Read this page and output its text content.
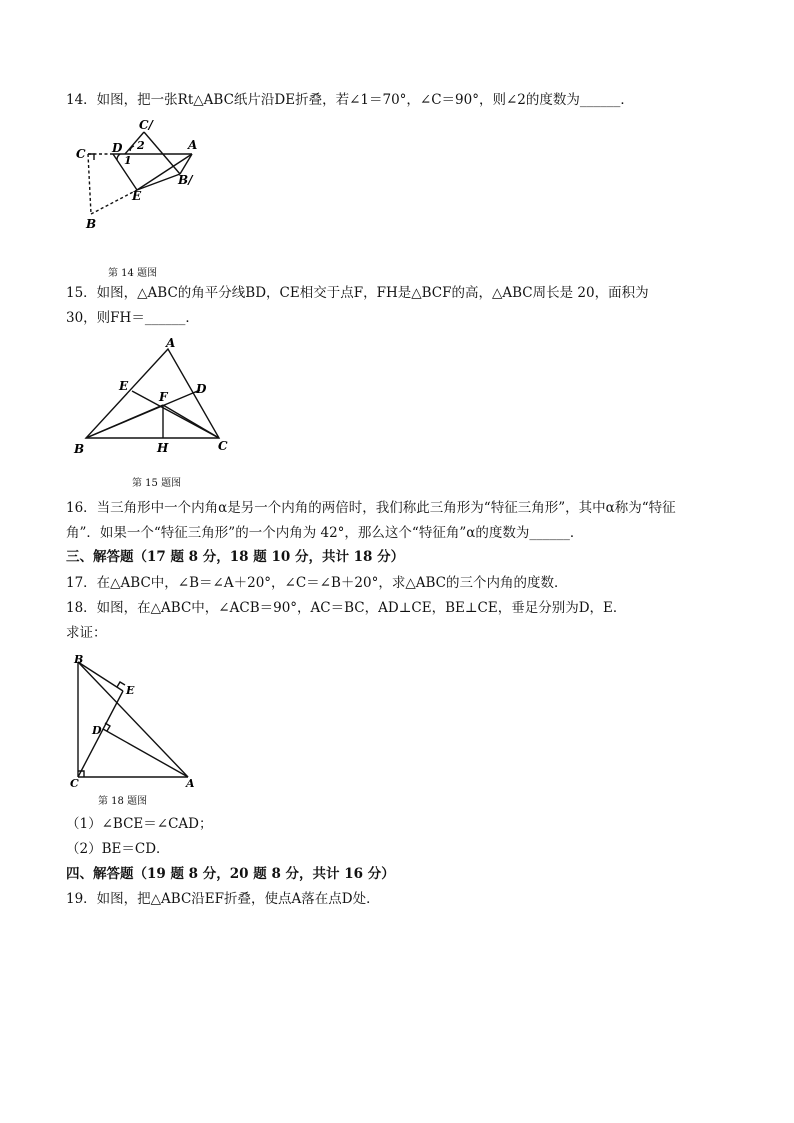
14．如图，把一张Rt△ABC纸片沿DE折叠，若∠1＝70°，∠C＝90°，则∠2的度数为______．
C/
2	A
C D
1
B/
E
B
第 14 题图
15．如图，△ABC的角平分线BD，CE相交于点F，FH是△BCF的高，△ABC周长是 20，面积为
30，则FH＝______．
A
E	D
F
B	H	C
第 15 题图
16．当三角形中一个内角α是另一个内角的两倍时，我们称此三角形为“特征三角形”，其中α称为“特征
角”．如果一个“特征三角形”的一个内角为 42°，那么这个“特征角”α的度数为______．
三、解答题（17 题 8 分，18 题 10 分，共计 18 分）
17．在△ABC中，∠B＝∠A＋20°，∠C＝∠B＋20°，求△ABC的三个内角的度数．
18．如图，在△ABC中，∠ACB＝90°，AC＝BC，AD⊥CE，BE⊥CE，垂足分别为D，E．
求证：
B
E
D
C	A
第 18 题图
（1）∠BCE＝∠CAD；
（2）BE＝CD．
四、解答题（19 题 8 分，20 题 8 分，共计 16 分）
19．如图，把△ABC沿EF折叠，使点A落在点D处．
